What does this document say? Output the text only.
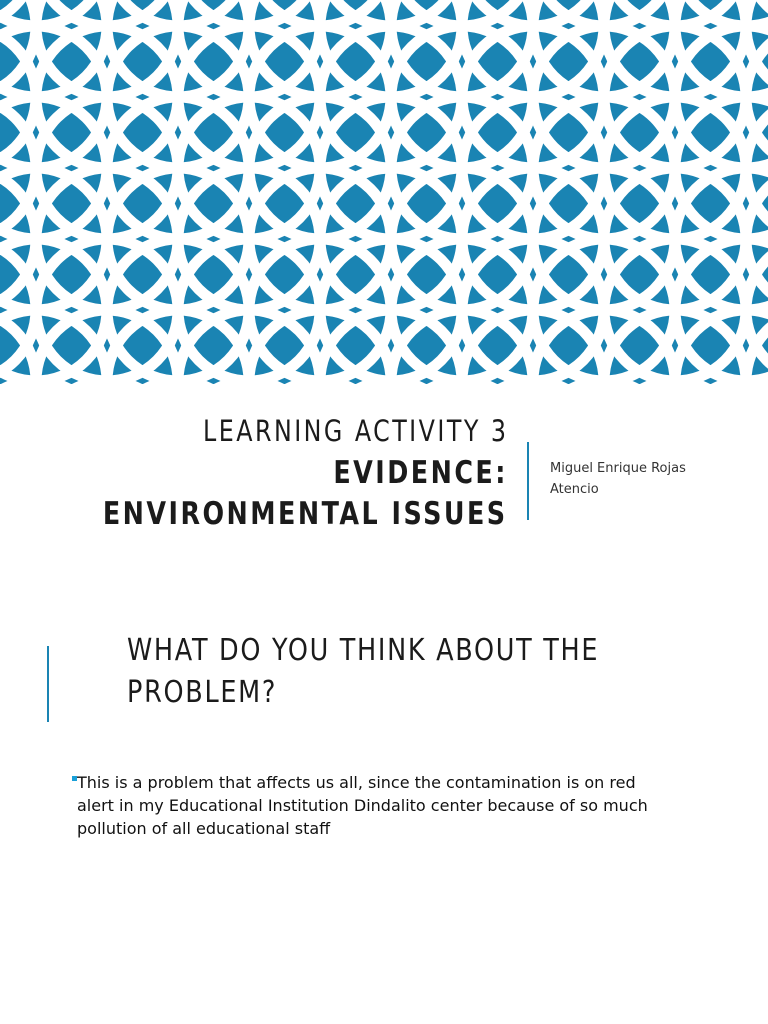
LEARNING ACTIVITY 3
EVIDENCE:
ENVIRONMENTAL ISSUES
Miguel Enrique Rojas
Atencio
WHAT DO YOU THINK ABOUT THE
PROBLEM?
This is a problem that affects us all, since the contamination is on red
alert in my Educational Institution Dindalito center because of so much
pollution of all educational staff
